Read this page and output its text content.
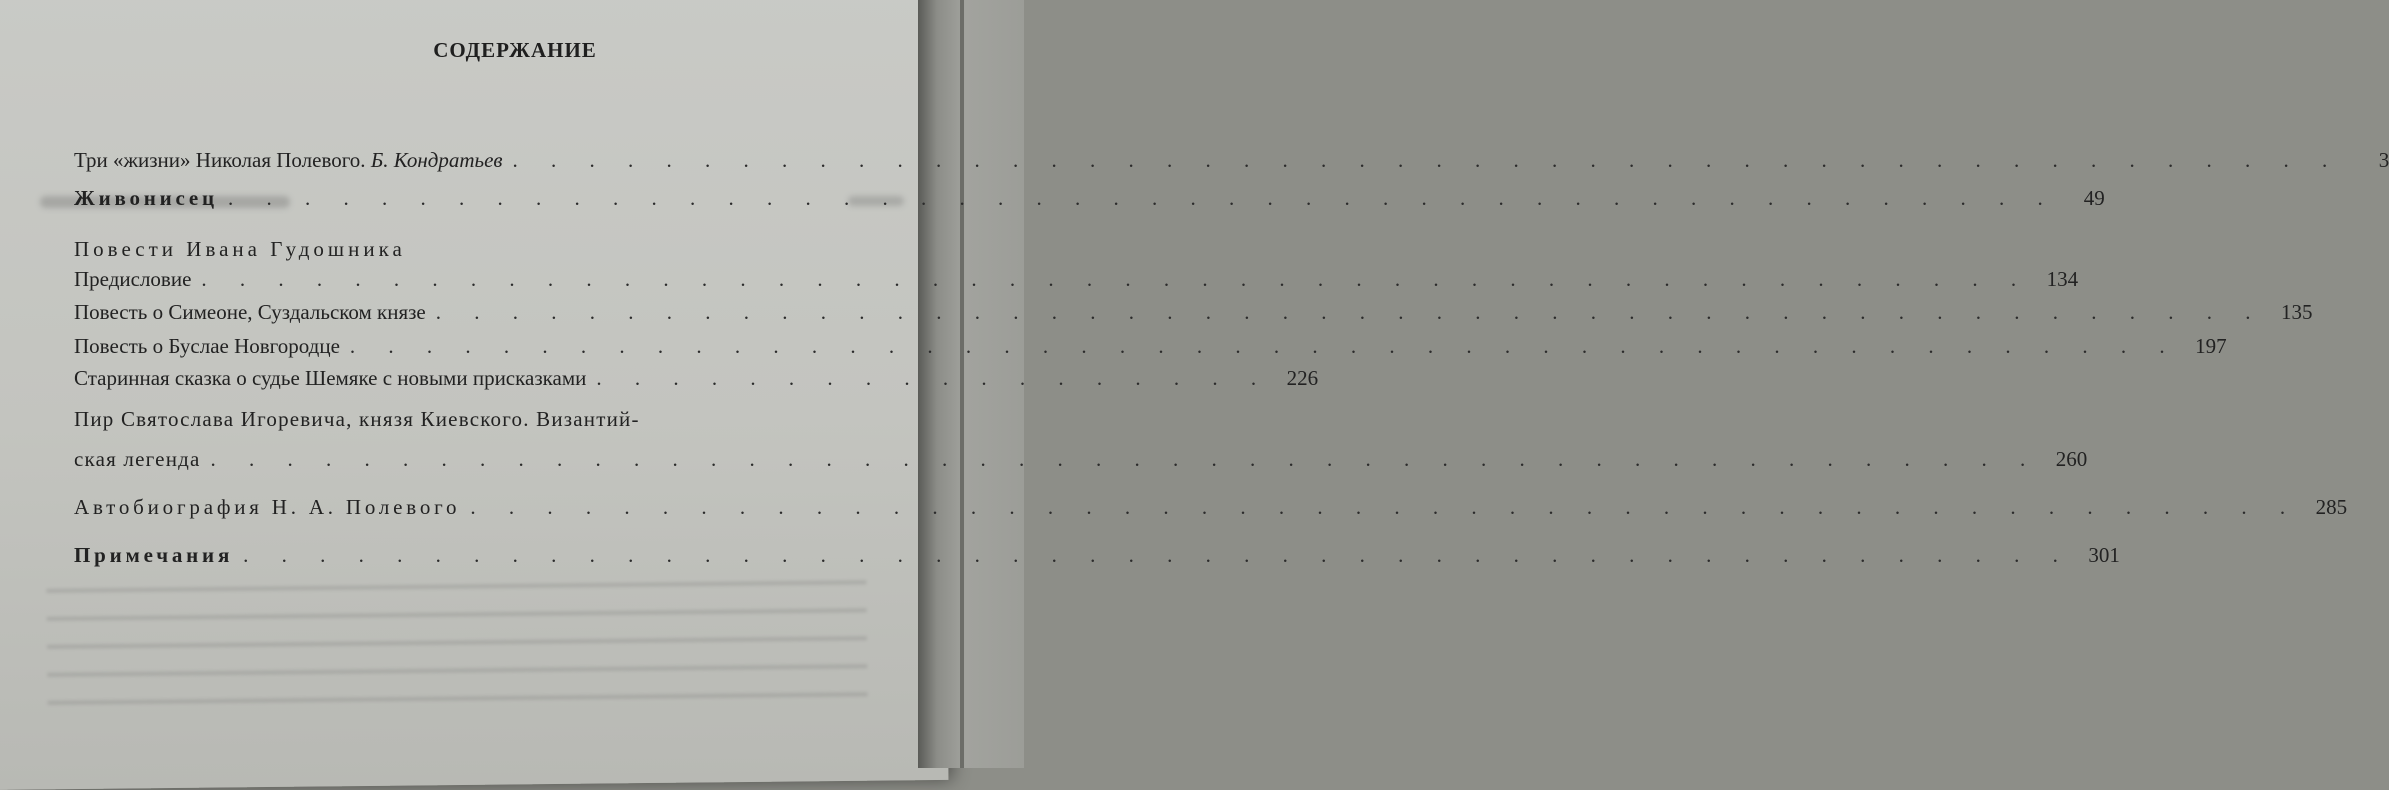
СОДЕРЖАНИЕ
Три «жизни» Николая Полевого. Б. Кондратьев . . . . . . . . . . . . . . . . . . . . . . . . . . . . . . . . . . . . . . . . . . . . . . . .	3
Живонисец . . . . . . . . . . . . . . . . . . . . . . . . . . . . . . . . . . . . . . . . . . . . . . . .	49
Повести Ивана Гудошника
Предисловие . . . . . . . . . . . . . . . . . . . . . . . . . . . . . . . . . . . . . . . . . . . . . . . . 134
Повесть о Симеоне, Суздальском князе . . . . . . . . . . . . . . . . . . . . . . . . . . . . . . . . . . . . . . . . . . . . . . . . 135
Повесть о Буслае Новгородце . . . . . . . . . . . . . . . . . . . . . . . . . . . . . . . . . . . . . . . . . . . . . . . . 197
Старинная сказка о судье Шемяке с новыми присказками . . . . . . . . . . . . . . . . . . 226
Пир Святослава Игоревича, князя Киевского. Византий-
ская легенда . . . . . . . . . . . . . . . . . . . . . . . . . . . . . . . . . . . . . . . . . . . . . . . . 260
Автобиография Н. А. Полевого . . . . . . . . . . . . . . . . . . . . . . . . . . . . . . . . . . . . . . . . . . . . . . . . 285
Примечания . . . . . . . . . . . . . . . . . . . . . . . . . . . . . . . . . . . . . . . . . . . . . . . . 301
